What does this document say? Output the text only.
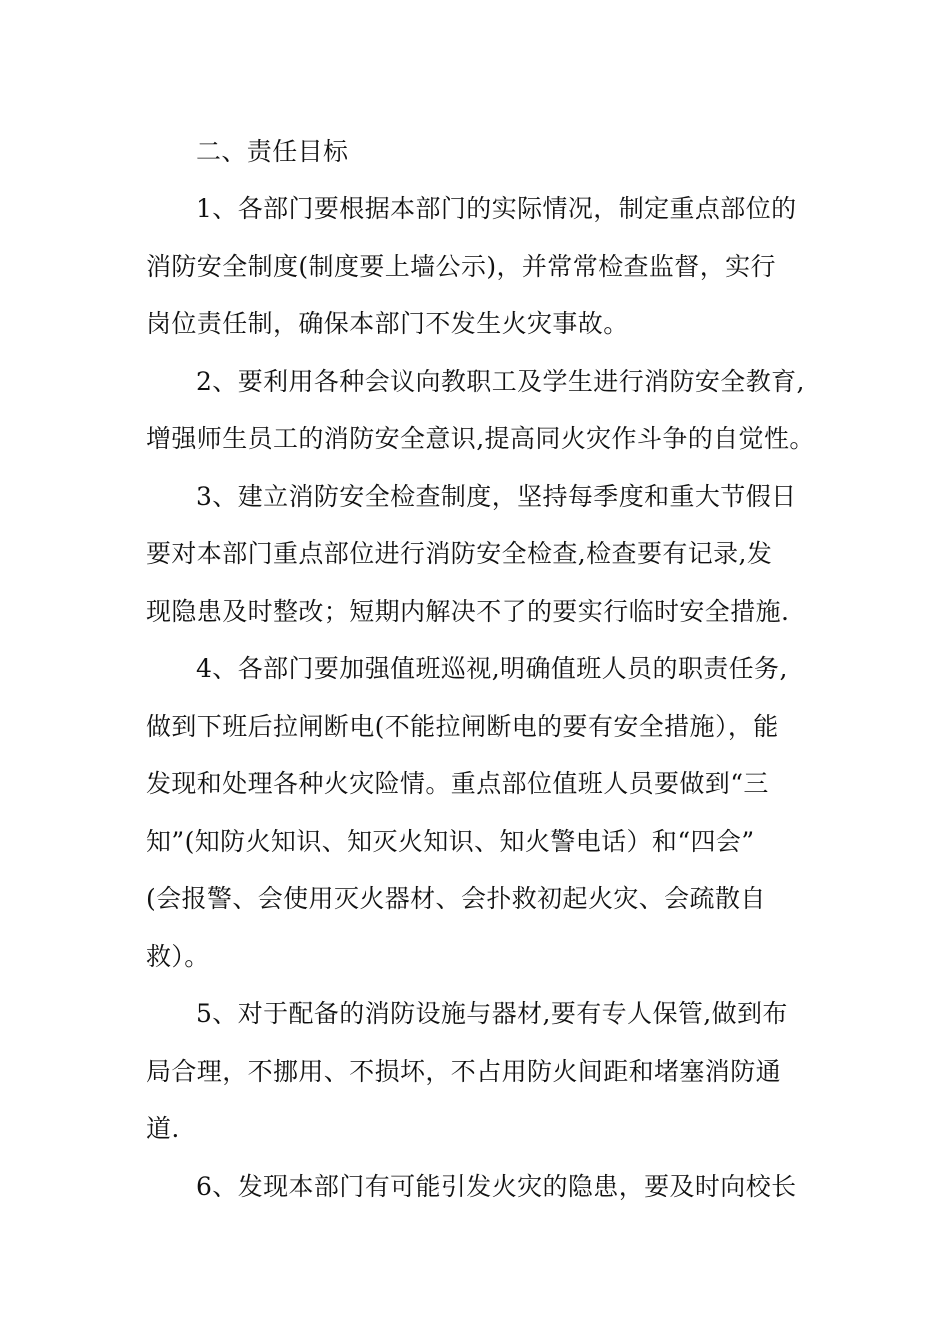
二、责任目标
1、各部门要根据本部门的实际情况，制定重点部位的
消防安全制度(制度要上墙公示)，并常常检查监督，实行
岗位责任制，确保本部门不发生火灾事故。
2、要利用各种会议向教职工及学生进行消防安全教育,
增强师生员工的消防安全意识,提高同火灾作斗争的自觉性。
3、建立消防安全检查制度，坚持每季度和重大节假日
要对本部门重点部位进行消防安全检查,检查要有记录,发
现隐患及时整改；短期内解决不了的要实行临时安全措施.
4、各部门要加强值班巡视,明确值班人员的职责任务,
做到下班后拉闸断电(不能拉闸断电的要有安全措施），能
发现和处理各种火灾险情。重点部位值班人员要做到“三
知”(知防火知识、知灭火知识、知火警电话）和“四会”
(会报警、会使用灭火器材、会扑救初起火灾、会疏散自
救）。
5、对于配备的消防设施与器材,要有专人保管,做到布
局合理，不挪用、不损坏，不占用防火间距和堵塞消防通
道.
6、发现本部门有可能引发火灾的隐患，要及时向校长
